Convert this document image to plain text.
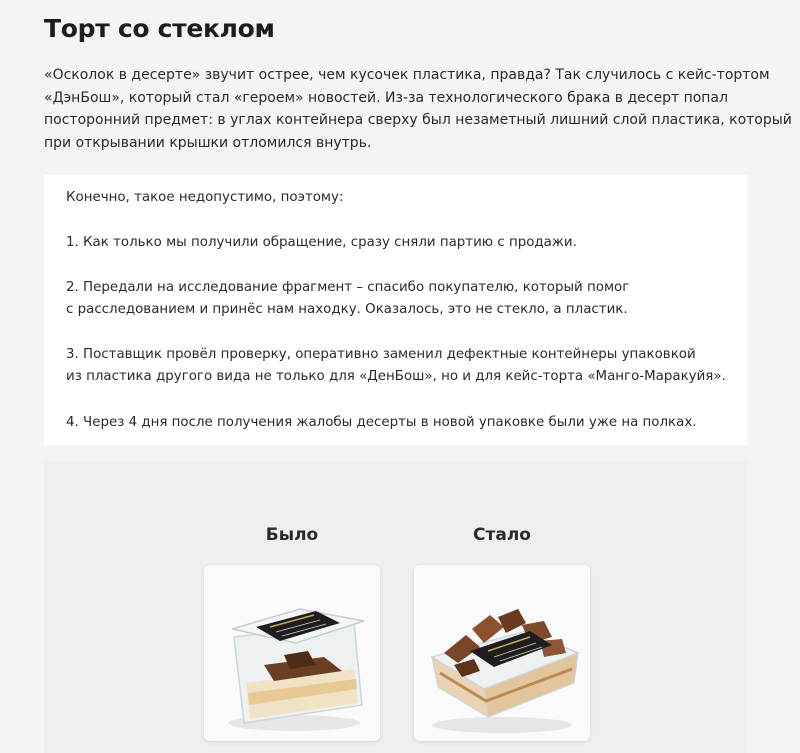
Торт со стеклом
«Осколок в десерте» звучит острее, чем кусочек пластика, правда? Так случилось с кейс-тортом
«ДэнБош», который стал «героем» новостей. Из-за технологического брака в десерт попал
посторонний предмет: в углах контейнера сверху был незаметный лишний слой пластика, который
при открывании крышки отломился внутрь.

Конечно, такое недопустимо, поэтому:

1. Как только мы получили обращение, сразу сняли партию с продажи.

2. Передали на исследование фрагмент – спасибо покупателю, который помог
с расследованием и принёс нам находку. Оказалось, это не стекло, а пластик.

3. Поставщик провёл проверку, оперативно заменил дефектные контейнеры упаковкой
из пластика другого вида не только для «ДенБош», но и для кейс-торта «Манго-Маракуйя».

4. Через 4 дня после получения жалобы десерты в новой упаковке были уже на полках.

Было	Стало
